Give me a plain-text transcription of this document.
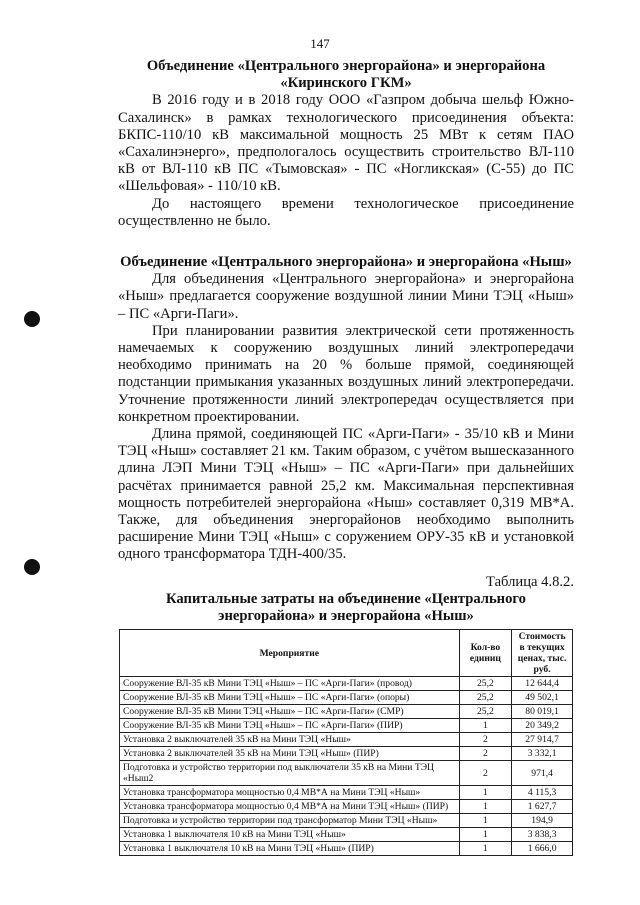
147

Объединение «Центрального энергорайона» и энергорайона «Киринского ГКМ»

В 2016 году и в 2018 году ООО «Газпром добыча шельф Южно-Сахалинск» в рамках технологического присоединения объекта: БКПС-110/10 кВ максимальной мощность 25 МВт к сетям ПАО «Сахалинэнерго», предпологалось осуществить строительство ВЛ-110 кВ от ВЛ-110 кВ ПС «Тымовская» - ПС «Ногликская» (С-55) до ПС «Шельфовая» - 110/10 кВ.

До настоящего времени технологическое присоединение осуществленно не было.

Объединение «Центрального энергорайона» и энергорайона «Ныш»

Для объединения «Центрального энергорайона» и энергорайона «Ныш» предлагается сооружение воздушной линии Мини ТЭЦ «Ныш» – ПС «Арги-Паги».

При планировании развития электрической сети протяженность намечаемых к сооружению воздушных линий электропередачи необходимо принимать на 20 % больше прямой, соединяющей подстанции примыкания указанных воздушных линий электропередачи. Уточнение протяженности линий электропередач осуществляется при конкретном проектировании.

Длина прямой, соединяющей ПС «Арги-Паги» - 35/10 кВ и Мини ТЭЦ «Ныш» составляет 21 км. Таким образом, с учётом вышесказанного длина ЛЭП Мини ТЭЦ «Ныш» – ПС «Арги-Паги» при дальнейших расчётах принимается равной 25,2 км. Максимальная перспективная мощность потребителей энергорайона «Ныш» составляет 0,319 МВ*А. Также, для объединения энергорайонов необходимо выполнить расширение Мини ТЭЦ «Ныш» с соружением ОРУ-35 кВ и установкой одного трансформатора ТДН-400/35.

Таблица 4.8.2.

Капитальные затраты на объединение «Центрального энергорайона» и энергорайона «Ныш»

Мероприятие	Кол-во единиц	Стоимость в текущих ценах, тыс. руб.
Сооружение ВЛ-35 кВ Мини ТЭЦ «Ныш» – ПС «Арги-Паги» (провод)	25,2	12 644,4
Сооружение ВЛ-35 кВ Мини ТЭЦ «Ныш» – ПС «Арги-Паги» (опоры)	25,2	49 502,1
Сооружение ВЛ-35 кВ Мини ТЭЦ «Ныш» – ПС «Арги-Паги» (СМР)	25,2	80 019,1
Сооружение ВЛ-35 кВ Мини ТЭЦ «Ныш» – ПС «Арги-Паги» (ПИР)	1	20 349,2
Установка 2 выключателей 35 кВ на Мини ТЭЦ «Ныш»	2	27 914,7
Установка 2 выключателей 35 кВ на Мини ТЭЦ «Ныш» (ПИР)	2	3 332,1
Подготовка и устройство территории под выключатели 35 кВ на Мини ТЭЦ «Ныш2	2	971,4
Установка трансформатора мощностью 0,4 МВ*А на Мини ТЭЦ «Ныш»	1	4 115,3
Установка трансформатора мощностью 0,4 МВ*А на Мини ТЭЦ «Ныш» (ПИР)	1	1 627,7
Подготовка и устройство территории под трансформатор Мини ТЭЦ «Ныш»	1	194,9
Установка 1 выключателя 10 кВ на Мини ТЭЦ «Ныш»	1	3 838,3
Установка 1 выключателя 10 кВ на Мини ТЭЦ «Ныш» (ПИР)	1	1 666,0
